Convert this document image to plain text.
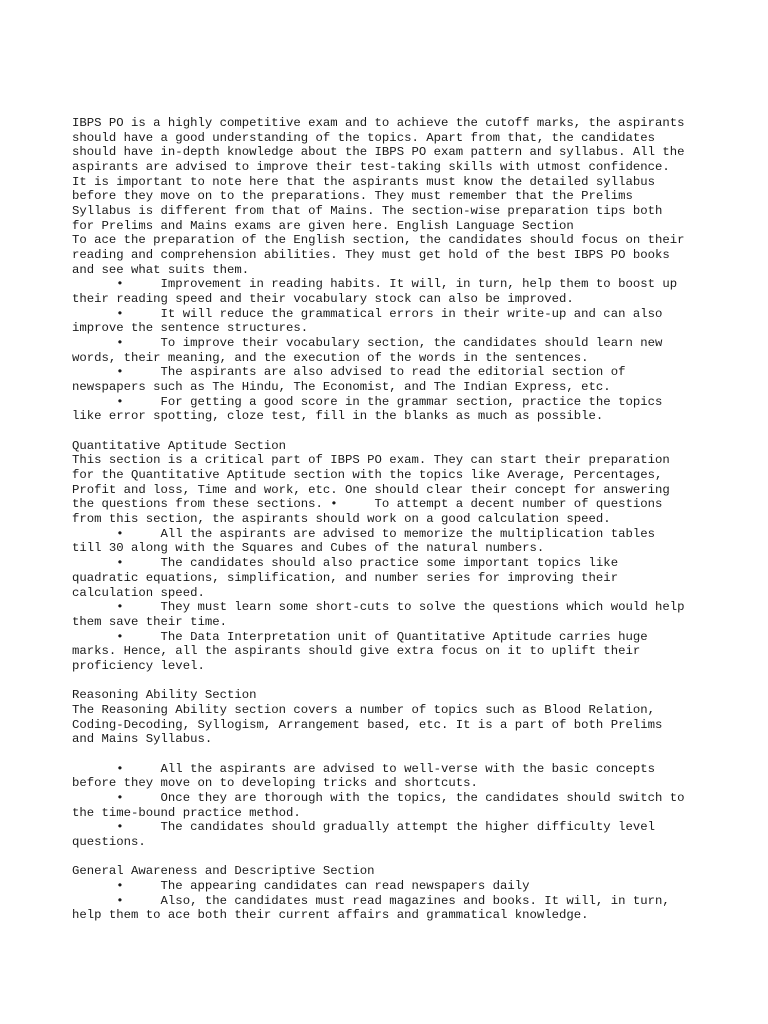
IBPS PO is a highly competitive exam and to achieve the cutoff marks, the aspirants
should have a good understanding of the topics. Apart from that, the candidates
should have in-depth knowledge about the IBPS PO exam pattern and syllabus. All the
aspirants are advised to improve their test-taking skills with utmost confidence.
It is important to note here that the aspirants must know the detailed syllabus
before they move on to the preparations. They must remember that the Prelims
Syllabus is different from that of Mains. The section-wise preparation tips both
for Prelims and Mains exams are given here. English Language Section
To ace the preparation of the English section, the candidates should focus on their
reading and comprehension abilities. They must get hold of the best IBPS PO books
and see what suits them.
•     Improvement in reading habits. It will, in turn, help them to boost up
their reading speed and their vocabulary stock can also be improved.
•     It will reduce the grammatical errors in their write-up and can also
improve the sentence structures.
•     To improve their vocabulary section, the candidates should learn new
words, their meaning, and the execution of the words in the sentences.
•     The aspirants are also advised to read the editorial section of
newspapers such as The Hindu, The Economist, and The Indian Express, etc.
•     For getting a good score in the grammar section, practice the topics
like error spotting, cloze test, fill in the blanks as much as possible.
Quantitative Aptitude Section
This section is a critical part of IBPS PO exam. They can start their preparation
for the Quantitative Aptitude section with the topics like Average, Percentages,
Profit and loss, Time and work, etc. One should clear their concept for answering
the questions from these sections. •     To attempt a decent number of questions
from this section, the aspirants should work on a good calculation speed.
•     All the aspirants are advised to memorize the multiplication tables
till 30 along with the Squares and Cubes of the natural numbers.
•     The candidates should also practice some important topics like
quadratic equations, simplification, and number series for improving their
calculation speed.
•     They must learn some short-cuts to solve the questions which would help
them save their time.
•     The Data Interpretation unit of Quantitative Aptitude carries huge
marks. Hence, all the aspirants should give extra focus on it to uplift their
proficiency level.
Reasoning Ability Section
The Reasoning Ability section covers a number of topics such as Blood Relation,
Coding-Decoding, Syllogism, Arrangement based, etc. It is a part of both Prelims
and Mains Syllabus.
•     All the aspirants are advised to well-verse with the basic concepts
before they move on to developing tricks and shortcuts.
•     Once they are thorough with the topics, the candidates should switch to
the time-bound practice method.
•     The candidates should gradually attempt the higher difficulty level
questions.
General Awareness and Descriptive Section
•     The appearing candidates can read newspapers daily
•     Also, the candidates must read magazines and books. It will, in turn,
help them to ace both their current affairs and grammatical knowledge.
